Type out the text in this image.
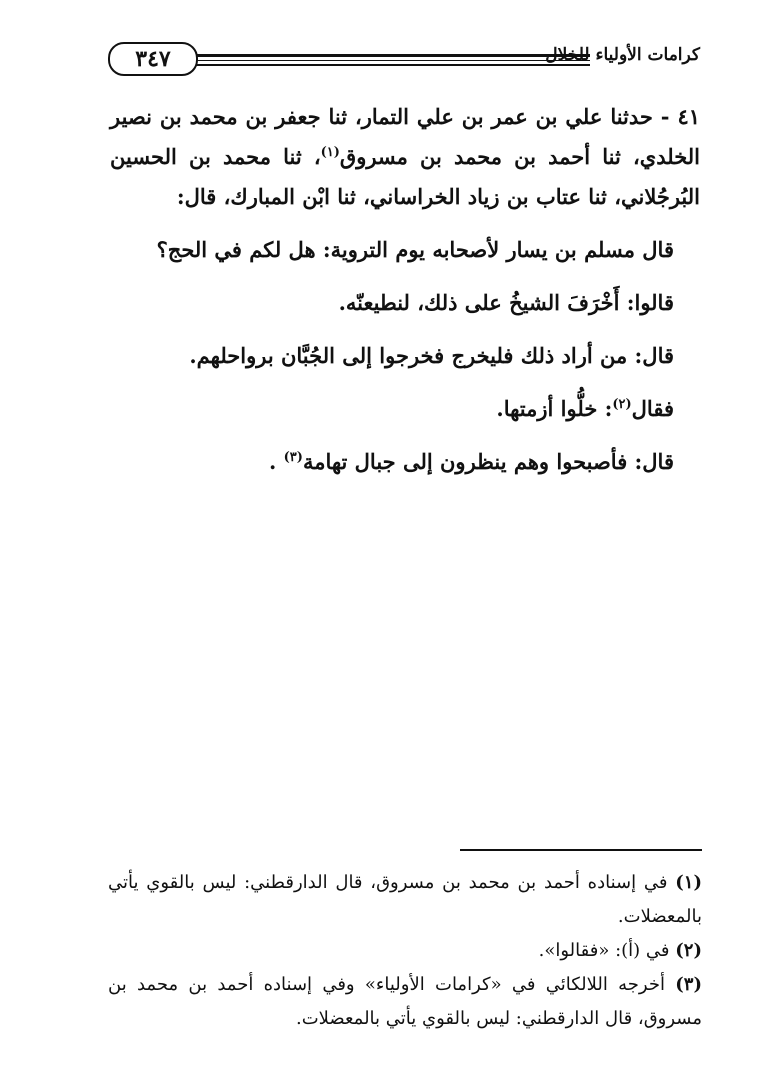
٣٤٧	كرامات الأولياء للخلال

٤١ - حدثنا علي بن عمر بن علي التمار، ثنا جعفر بن محمد بن نصير الخلدي، ثنا أحمد بن محمد بن مسروق$^{(١)}$، ثنا محمد بن الحسين البُرجُلاني، ثنا عتاب بن زياد الخراساني، ثنا ابْن المبارك، قال:

قال مسلم بن يسار لأصحابه يوم التروية: هل لكم في الحج؟

قالوا: أَخْرَفَ الشيخُ على ذلك، لنطيعنّه.

قال: من أراد ذلك فليخرج فخرجوا إلى الجُبَّان برواحلهم.

فقال$^{(٢)}$: خلُّوا أزمتها.

قال: فأصبحوا وهم ينظرون إلى جبال تهامة$^{(٣)}$ .

(١) في إسناده أحمد بن محمد بن مسروق، قال الدارقطني: ليس بالقوي يأتي بالمعضلات.

(٢) في (أ): «فقالوا».

(٣) أخرجه اللالكائي في «كرامات الأولياء» وفي إسناده أحمد بن محمد بن مسروق، قال الدارقطني: ليس بالقوي يأتي بالمعضلات.
